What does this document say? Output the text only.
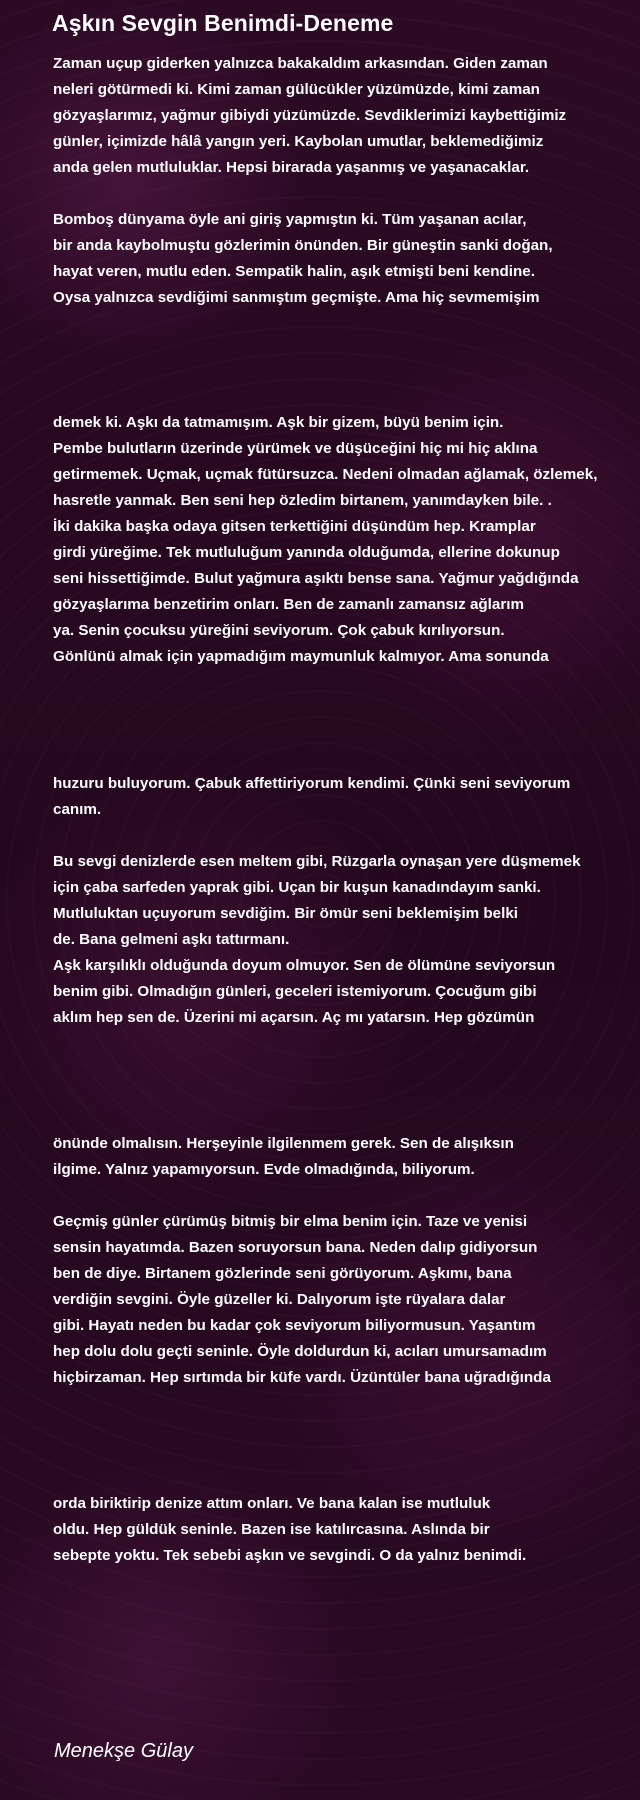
Aşkın Sevgin Benimdi-Deneme
Zaman uçup giderken yalnızca bakakaldım arkasından. Giden zaman
neleri götürmedi ki. Kimi zaman gülücükler yüzümüzde, kimi zaman
gözyaşlarımız, yağmur gibiydi yüzümüzde. Sevdiklerimizi kaybettiğimiz
günler, içimizde hâlâ yangın yeri. Kaybolan umutlar, beklemediğimiz
anda gelen mutluluklar. Hepsi birarada yaşanmış ve yaşanacaklar.
Bomboş dünyama öyle ani giriş yapmıştın ki. Tüm yaşanan acılar,
bir anda kaybolmuştu gözlerimin önünden. Bir güneştin sanki doğan,
hayat veren, mutlu eden. Sempatik halin, aşık etmişti beni kendine.
Oysa yalnızca sevdiğimi sanmıştım geçmişte. Ama hiç sevmemişim
demek ki. Aşkı da tatmamışım. Aşk bir gizem, büyü benim için.
Pembe bulutların üzerinde yürümek ve düşüceğini hiç mi hiç aklına
getirmemek. Uçmak, uçmak fütürsuzca. Nedeni olmadan ağlamak, özlemek,
hasretle yanmak. Ben seni hep özledim birtanem, yanımdayken bile. .
İki dakika başka odaya gitsen terkettiğini düşündüm hep. Kramplar
girdi yüreğime. Tek mutluluğum yanında olduğumda, ellerine dokunup
seni hissettiğimde. Bulut yağmura aşıktı bense sana. Yağmur yağdığında
gözyaşlarıma benzetirim onları. Ben de zamanlı zamansız ağlarım
ya. Senin çocuksu yüreğini seviyorum. Çok çabuk kırılıyorsun.
Gönlünü almak için yapmadığım maymunluk kalmıyor. Ama sonunda
huzuru buluyorum. Çabuk affettiriyorum kendimi. Çünki seni seviyorum
canım.
Bu sevgi denizlerde esen meltem gibi, Rüzgarla oynaşan yere düşmemek
için çaba sarfeden yaprak gibi. Uçan bir kuşun kanadındayım sanki.
Mutluluktan uçuyorum sevdiğim. Bir ömür seni beklemişim belki
de. Bana gelmeni aşkı tattırmanı.
Aşk karşılıklı olduğunda doyum olmuyor. Sen de ölümüne seviyorsun
benim gibi. Olmadığın günleri, geceleri istemiyorum. Çocuğum gibi
aklım hep sen de. Üzerini mi açarsın. Aç mı yatarsın. Hep gözümün
önünde olmalısın. Herşeyinle ilgilenmem gerek. Sen de alışıksın
ilgime. Yalnız yapamıyorsun. Evde olmadığında, biliyorum.
Geçmiş günler çürümüş bitmiş bir elma benim için. Taze ve yenisi
sensin hayatımda. Bazen soruyorsun bana. Neden dalıp gidiyorsun
ben de diye. Birtanem gözlerinde seni görüyorum. Aşkımı, bana
verdiğin sevgini. Öyle güzeller ki. Dalıyorum işte rüyalara dalar
gibi. Hayatı neden bu kadar çok seviyorum biliyormusun. Yaşantım
hep dolu dolu geçti seninle. Öyle doldurdun ki, acıları umursamadım
hiçbirzaman. Hep sırtımda bir küfe vardı. Üzüntüler bana uğradığında
orda biriktirip denize attım onları. Ve bana kalan ise mutluluk
oldu. Hep güldük seninle. Bazen ise katılırcasına. Aslında bir
sebepte yoktu. Tek sebebi aşkın ve sevgindi. O da yalnız benimdi.
Menekşe Gülay
